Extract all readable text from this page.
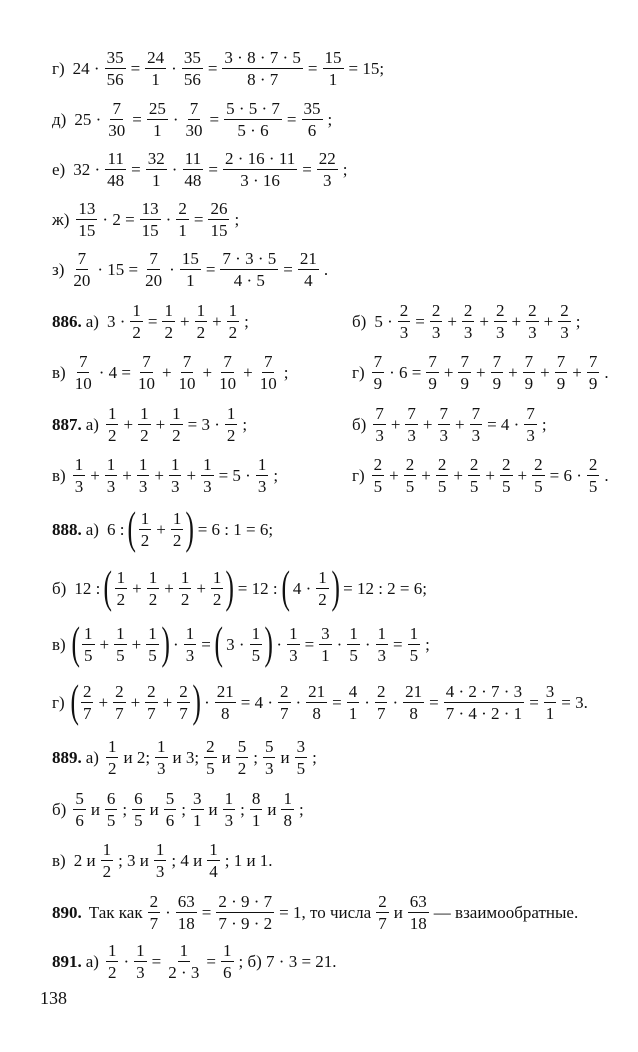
г) $24 \cdot \frac{35}{56} = \frac{24}{1} \cdot \frac{35}{56} = \frac{3 \cdot 8 \cdot 7 \cdot 5}{8 \cdot 7} = \frac{15}{1} = 15$;
д) $25 \cdot \frac{7}{30} = \frac{25}{1} \cdot \frac{7}{30} = \frac{5 \cdot 5 \cdot 7}{5 \cdot 6} = \frac{35}{6}$ ;
е) $32 \cdot \frac{11}{48} = \frac{32}{1} \cdot \frac{11}{48} = \frac{2 \cdot 16 \cdot 11}{3 \cdot 16} = \frac{22}{3}$ ;
$ж) \frac{13}{15} \cdot 2 = \frac{13}{15} \cdot \frac{2}{1} = \frac{26}{15}$ ;
$з) \frac{7}{20} \cdot 15 = \frac{7}{20} \cdot \frac{15}{1} = \frac{7 \cdot 3 \cdot 5}{4 \cdot 5} = \frac{21}{4}$ .
886. а) $3 \cdot \frac{1}{2} = \frac{1}{2} + \frac{1}{2} + \frac{1}{2}$ ;	б) $5 \cdot \frac{2}{3} = \frac{2}{3} + \frac{2}{3} + \frac{2}{3} + \frac{2}{3} + \frac{2}{3}$ ;
$в) \frac{7}{10} \cdot 4 = \frac{7}{10} + \frac{7}{10} + \frac{7}{10} + \frac{7}{10}$ ;	$г) \frac{7}{9} \cdot 6 = \frac{7}{9} + \frac{7}{9} + \frac{7}{9} + \frac{7}{9} + \frac{7}{9} + \frac{7}{9}$ .
887. $а) \frac{1}{2} + \frac{1}{2} + \frac{1}{2} = 3 \cdot \frac{1}{2}$ ;	$б) \frac{7}{3} + \frac{7}{3} + \frac{7}{3} + \frac{7}{3} = 4 \cdot \frac{7}{3}$ ;
$в) \frac{1}{3} + \frac{1}{3} + \frac{1}{3} + \frac{1}{3} + \frac{1}{3} = 5 \cdot \frac{1}{3}$ ;	$г) \frac{2}{5} + \frac{2}{5} + \frac{2}{5} + \frac{2}{5} + \frac{2}{5} + \frac{2}{5} = 6 \cdot \frac{2}{5}$ .
888. а) 6 : ( $\frac{1}{2} + \frac{1}{2}$ ) = 6 : 1 = 6;
б) 12 : ( $\frac{1}{2} + \frac{1}{2} + \frac{1}{2} + \frac{1}{2}$ ) = 12 : ( $4 \cdot \frac{1}{2}$ ) = 12 : 2 = 6;
в) ( $\frac{1}{5} + \frac{1}{5} + \frac{1}{5}$ ) · $\frac{1}{3}$ = ( $3 \cdot \frac{1}{5}$ ) · $\frac{1}{3} = \frac{3}{1} \cdot \frac{1}{5} \cdot \frac{1}{3} = \frac{1}{5}$ ;
г) ( $\frac{2}{7} + \frac{2}{7} + \frac{2}{7} + \frac{2}{7}$ ) · $\frac{21}{8} = 4 \cdot \frac{2}{7} \cdot \frac{21}{8} = \frac{4}{1} \cdot \frac{2}{7} \cdot \frac{21}{8} = \frac{4 \cdot 2 \cdot 7 \cdot 3}{7 \cdot 4 \cdot 2 \cdot 1} = \frac{3}{1} = 3$.
889. $а) \frac{1}{2}$ и 2; $\frac{1}{3}$ и 3; $\frac{2}{5}$ и $\frac{5}{2}$ ; $\frac{5}{3}$ и $\frac{3}{5}$ ;
$б) \frac{5}{6}$ и $\frac{6}{5}$ ; $\frac{6}{5}$ и $\frac{5}{6}$ ; $\frac{3}{1}$ и $\frac{1}{3}$ ; $\frac{8}{1}$ и $\frac{1}{8}$ ;
в) 2 и $\frac{1}{2}$ ; 3 и $\frac{1}{3}$ ; 4 и $\frac{1}{4}$ ; 1 и 1.
890. Так как $\frac{2}{7} \cdot \frac{63}{18} = \frac{2 \cdot 9 \cdot 7}{7 \cdot 9 \cdot 2} = 1$, то числа $\frac{2}{7}$ и $\frac{63}{18}$ — взаимообратные.
891. $а) \frac{1}{2} \cdot \frac{1}{3} = \frac{1}{2 \cdot 3} = \frac{1}{6}$ ; б) 7 · 3 = 21.
138
